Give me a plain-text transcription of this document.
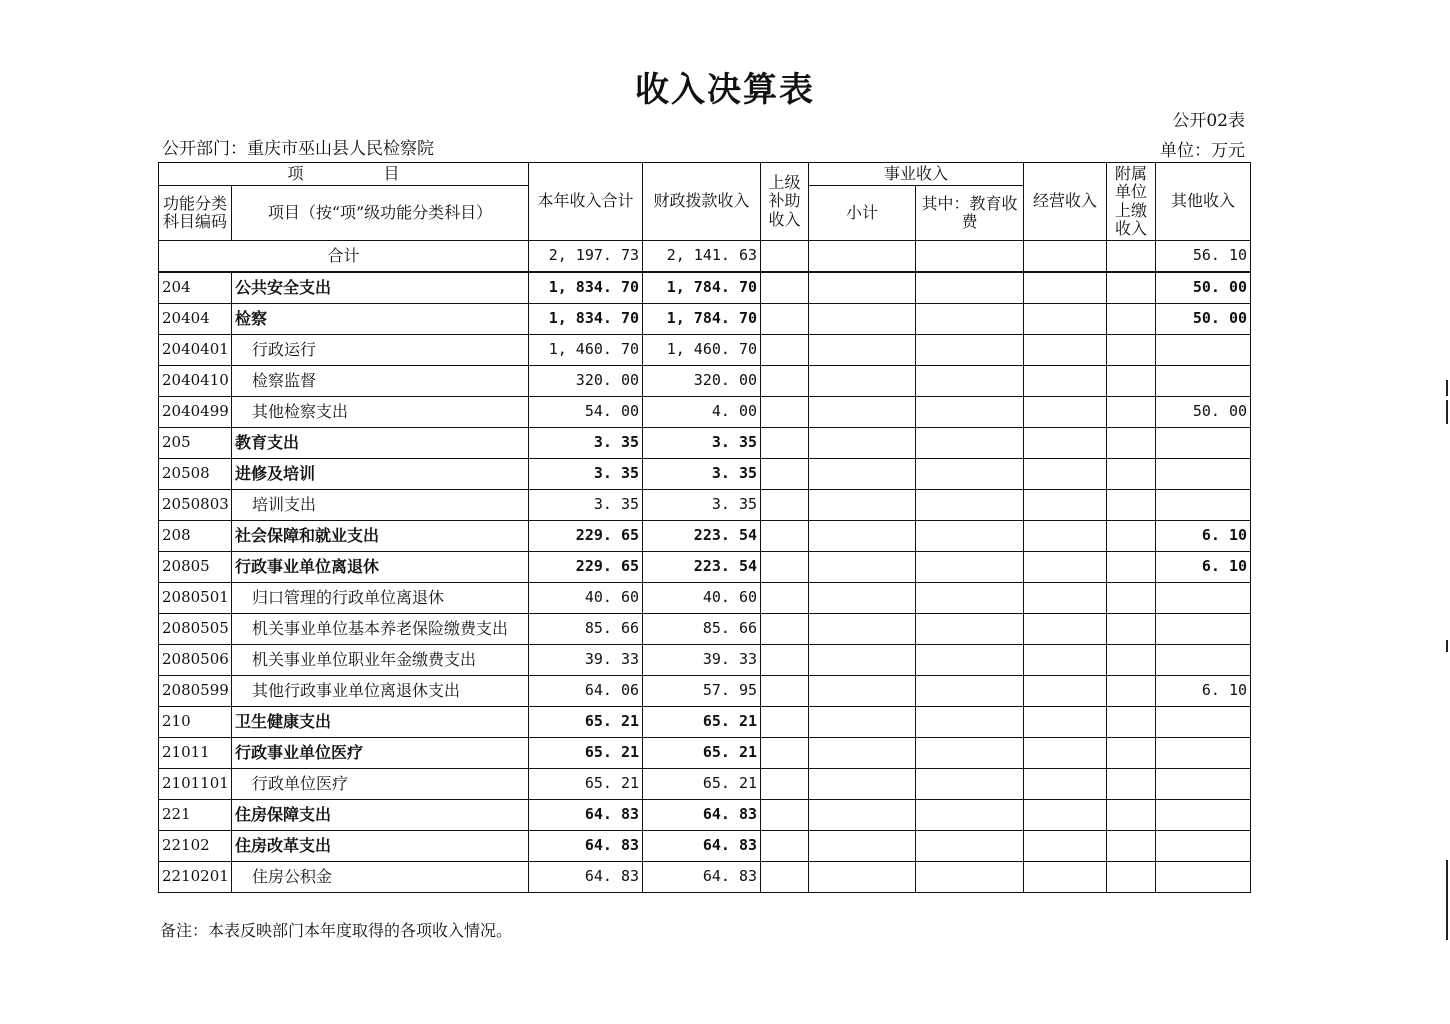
收入决算表
公开02表
公开部门：重庆市巫山县人民检察院	单位：万元
项　　　　　目		本年收入合计	财政拨款收入	上级补助收入	事业收入		经营收入	附属单位上缴收入	其他收入
功能分类科目编码	项目（按“项”级功能分类科目）								
					小计	其中：教育收费			
合计		2, 197. 73	2, 141. 63						56. 10
204	公共安全支出	1, 834. 70	1, 784. 70						50. 00
20404	检察	1, 834. 70	1, 784. 70						50. 00
2040401	行政运行	1, 460. 70	1, 460. 70						
2040410	检察监督	320. 00	320. 00						
2040499	其他检察支出	54. 00	4. 00						50. 00
205	教育支出	3. 35	3. 35						
20508	进修及培训	3. 35	3. 35						
2050803	培训支出	3. 35	3. 35						
208	社会保障和就业支出	229. 65	223. 54						6. 10
20805	行政事业单位离退休	229. 65	223. 54						6. 10
2080501	归口管理的行政单位离退休	40. 60	40. 60						
2080505	机关事业单位基本养老保险缴费支出	85. 66	85. 66						
2080506	机关事业单位职业年金缴费支出	39. 33	39. 33						
2080599	其他行政事业单位离退休支出	64. 06	57. 95						6. 10
210	卫生健康支出	65. 21	65. 21						
21011	行政事业单位医疗	65. 21	65. 21						
2101101	行政单位医疗	65. 21	65. 21						
221	住房保障支出	64. 83	64. 83						
22102	住房改革支出	64. 83	64. 83						
2210201	住房公积金	64. 83	64. 83						
备注：本表反映部门本年度取得的各项收入情况。
